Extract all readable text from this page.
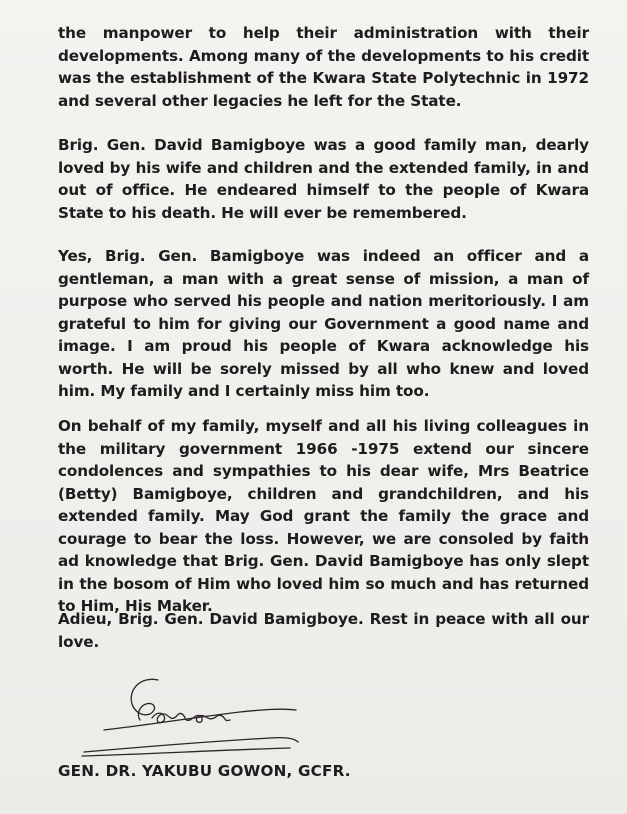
the manpower to help their administration with their developments. Among many of the developments to his credit was the establishment of the Kwara State Polytechnic in 1972 and several other legacies he left for the State.

Brig. Gen. David Bamigboye was a good family man, dearly loved by his wife and children and the extended family, in and out of office. He endeared himself to the people of Kwara State to his death. He will ever be remembered.

Yes, Brig. Gen. Bamigboye was indeed an officer and a gentleman, a man with a great sense of mission, a man of purpose who served his people and nation meritoriously. I am grateful to him for giving our Government a good name and image. I am proud his people of Kwara acknowledge his worth. He will be sorely missed by all who knew and loved him. My family and I certainly miss him too.

On behalf of my family, myself and all his living colleagues in the military government 1966 -1975 extend our sincere condolences and sympathies to his dear wife, Mrs Beatrice (Betty) Bamigboye, children and grandchildren, and his extended family. May God grant the family the grace and courage to bear the loss. However, we are consoled by faith ad knowledge that Brig. Gen. David Bamigboye has only slept in the bosom of Him who loved him so much and has returned to Him, His Maker.

Adieu, Brig. Gen. David Bamigboye. Rest in peace with all our love.

GEN. DR. YAKUBU GOWON, GCFR.
